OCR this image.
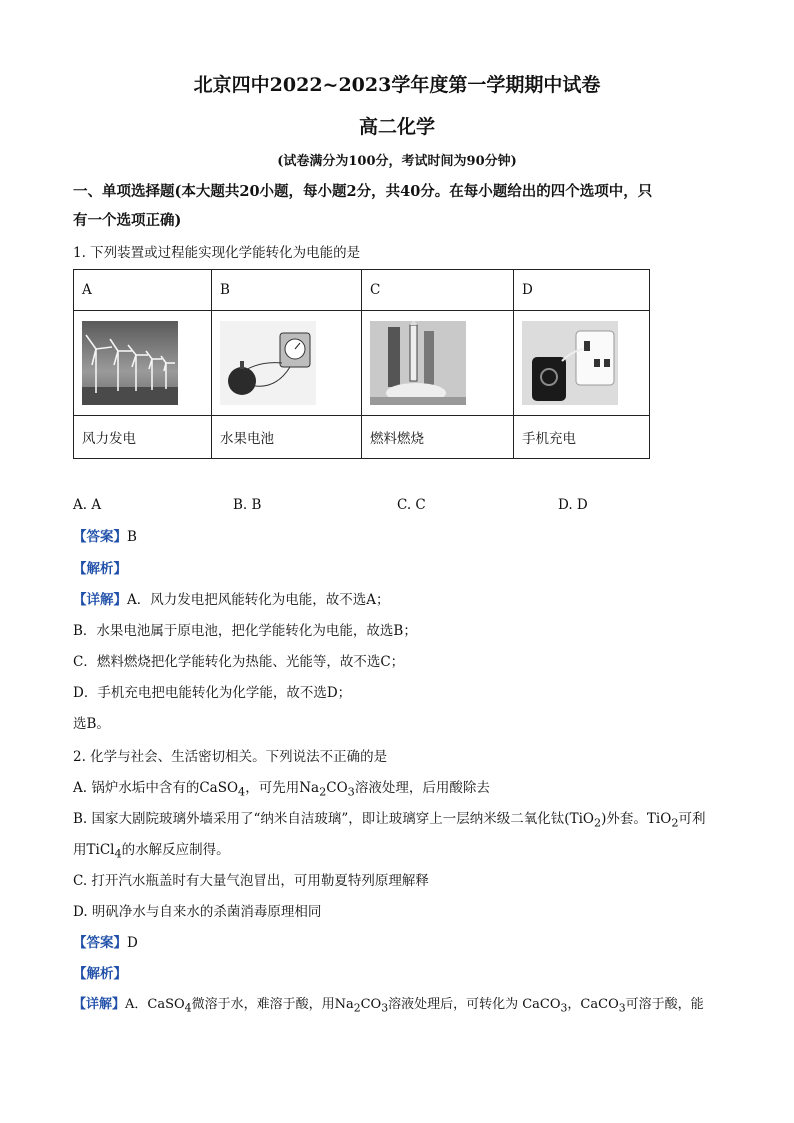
北京四中2022~2023学年度第一学期期中试卷
高二化学
(试卷满分为100分，考试时间为90分钟)
一、单项选择题(本大题共20小题，每小题2分，共40分。在每小题给出的四个选项中，只
有一个选项正确)
1. 下列装置或过程能实现化学能转化为电能的是
A	B	C	D

风力发电	水果电池	燃料燃烧	手机充电
A. A	B. B	C. C	D. D
【答案】B
【解析】
【详解】A．风力发电把风能转化为电能，故不选A；
B．水果电池属于原电池，把化学能转化为电能，故选B；
C．燃料燃烧把化学能转化为热能、光能等，故不选C；
D．手机充电把电能转化为化学能，故不选D；
选B。
2. 化学与社会、生活密切相关。下列说法不正确的是
A. 锅炉水垢中含有的CaSO$_4$，可先用$Na_2CO_3$溶液处理，后用酸除去
B. 国家大剧院玻璃外墙采用了“纳米自洁玻璃”，即让玻璃穿上一层纳米级二氧化钛(TiO$_2$)外套。TiO$_2$可利
用TiCl$_4$的水解反应制得。
C. 打开汽水瓶盖时有大量气泡冒出，可用勒夏特列原理解释
D. 明矾净水与自来水的杀菌消毒原理相同
【答案】D
【解析】
【详解】A．CaSO$_4$微溶于水，难溶于酸，用$Na_2CO_3$溶液处理后，可转化为 CaCO$_3$，CaCO$_3$可溶于酸，能
